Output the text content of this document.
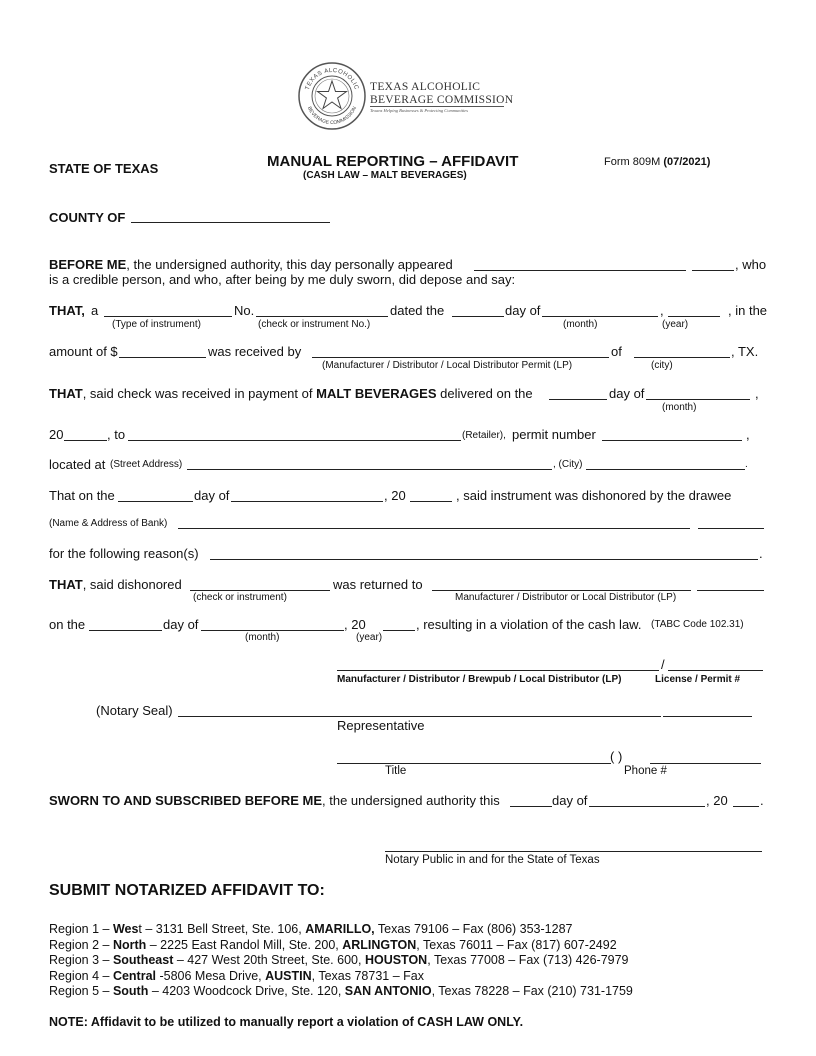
TEXAS ALCOHOLIC
BEVERAGE COMMISSION
TEXAS ALCOHOLIC
BEVERAGE COMMISSION
Texans Helping Businesses & Protecting Communities
STATE OF TEXAS	MANUAL REPORTING – AFFIDAVIT
(CASH LAW – MALT BEVERAGES)
Form 809M (07/2021)
COUNTY OF
BEFORE ME, the undersigned authority, this day personally appeared	, who
is a credible person, and who, after being by me duly sworn, did depose and say:
THAT, a	No.	dated the	day of	,	, in the
(Type of instrument)	(check or instrument No.)	(month)	(year)
amount of $	was received by	of	, TX.
(Manufacturer / Distributor / Local Distributor Permit (LP)	(city)
THAT, said check was received in payment of MALT BEVERAGES delivered on the	day of	,
(month)
20	, to	(Retailer), permit number	,
located at (Street Address)	, (City)	.
That on the	day of	, 20	, said instrument was dishonored by the drawee
(Name & Address of Bank)
for the following reason(s)	.
THAT, said dishonored	was returned to
(check or instrument)	Manufacturer / Distributor or Local Distributor (LP)
on the	day of	, 20	, resulting in a violation of the cash law. (TABC Code 102.31)
(month)	(year)
/
Manufacturer / Distributor / Brewpub / Local Distributor (LP)	License / Permit #
(Notary Seal)
Representative
( )
Title	Phone #
SWORN TO AND SUBSCRIBED BEFORE ME, the undersigned authority this	day of	, 20 .
Notary Public in and for the State of Texas
SUBMIT NOTARIZED AFFIDAVIT TO:
Region 1 – West – 3131 Bell Street, Ste. 106, AMARILLO, Texas 79106 – Fax (806) 353-1287
Region 2 – North – 2225 East Randol Mill, Ste. 200, ARLINGTON, Texas 76011 – Fax (817) 607-2492
Region 3 – Southeast – 427 West 20th Street, Ste. 600, HOUSTON, Texas 77008 – Fax (713) 426-7979
Region 4 – Central -5806 Mesa Drive, AUSTIN, Texas 78731 – Fax
Region 5 – South – 4203 Woodcock Drive, Ste. 120, SAN ANTONIO, Texas 78228 – Fax (210) 731-1759
NOTE: Affidavit to be utilized to manually report a violation of CASH LAW ONLY.
